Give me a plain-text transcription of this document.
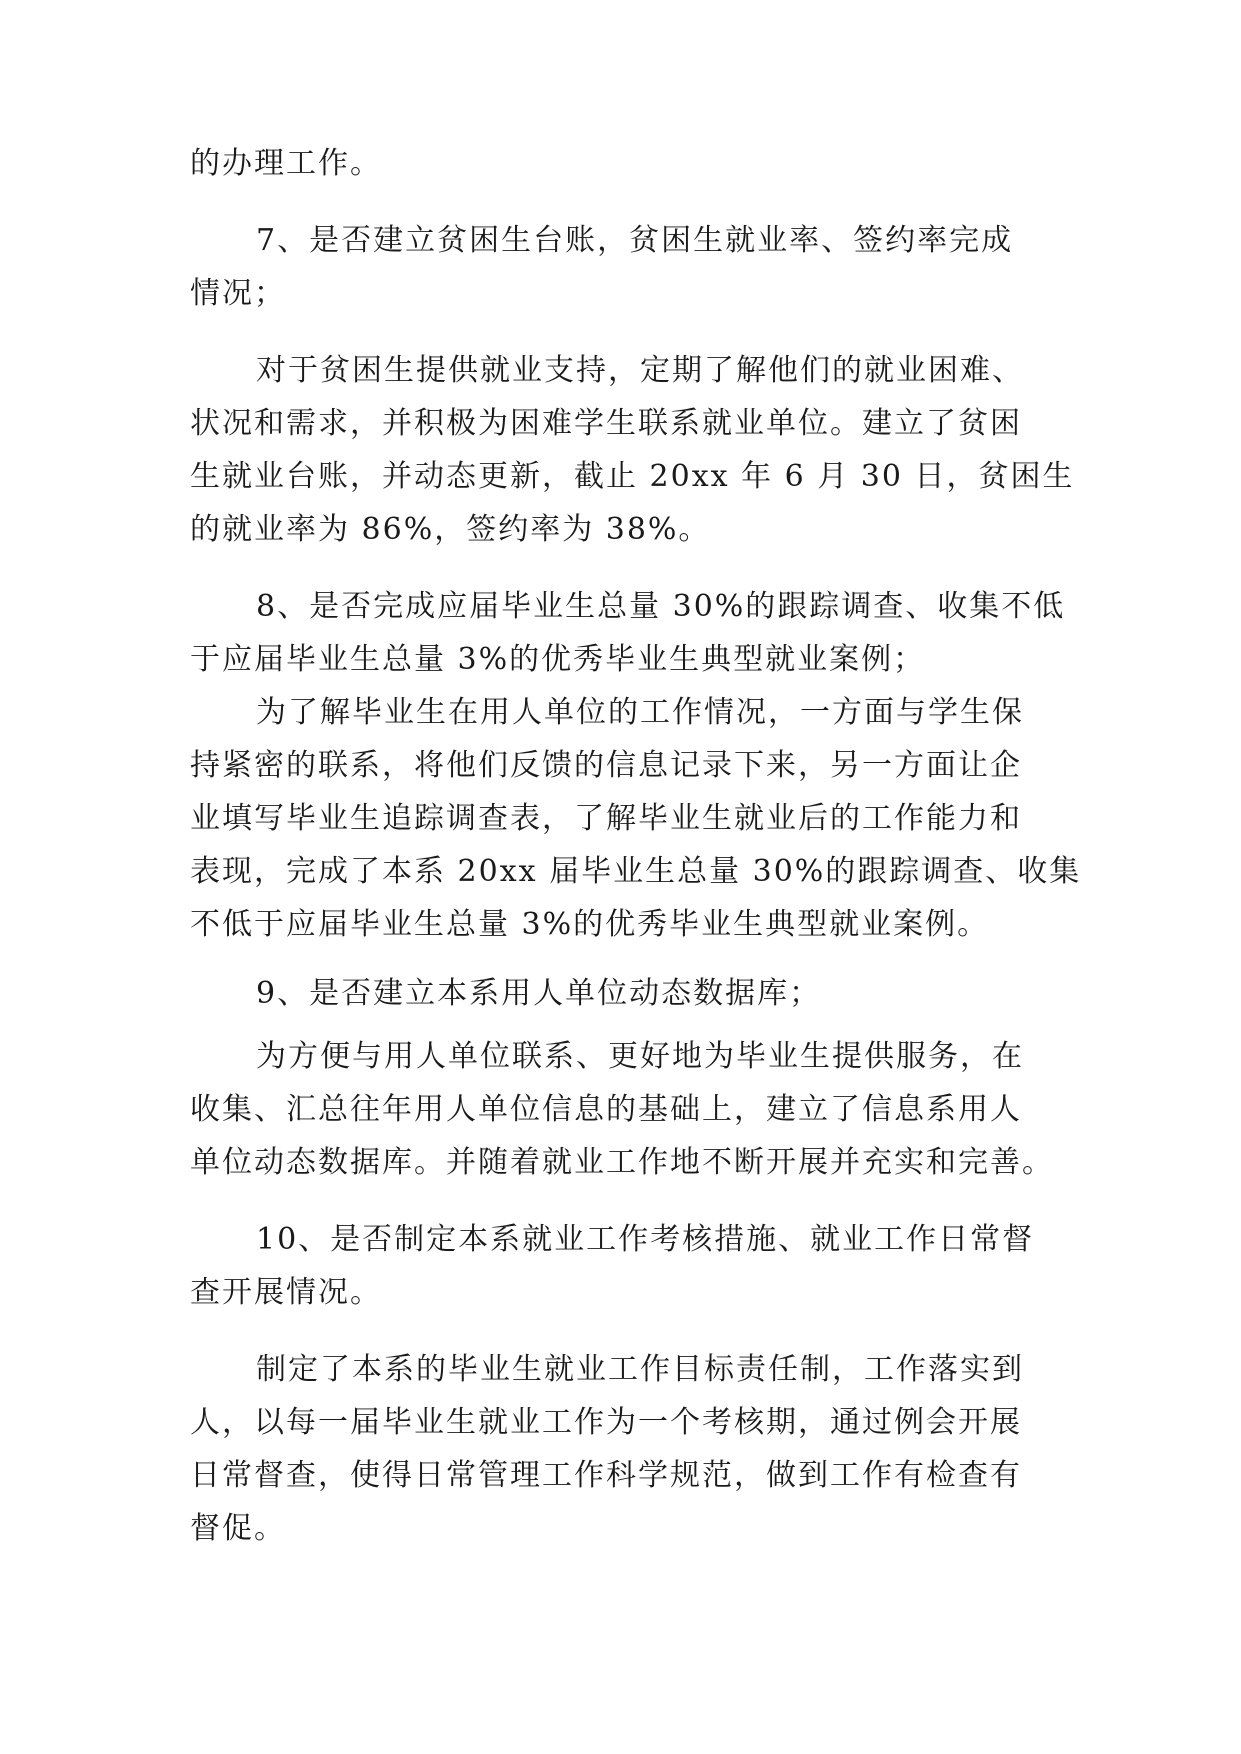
的办理工作。
7、是否建立贫困生台账，贫困生就业率、签约率完成
情况；
对于贫困生提供就业支持，定期了解他们的就业困难、
状况和需求，并积极为困难学生联系就业单位。建立了贫困
生就业台账，并动态更新，截止 20xx 年 6 月 30 日，贫困生
的就业率为 86%，签约率为 38%。
8、是否完成应届毕业生总量 30%的跟踪调查、收集不低
于应届毕业生总量 3%的优秀毕业生典型就业案例；
为了解毕业生在用人单位的工作情况，一方面与学生保
持紧密的联系，将他们反馈的信息记录下来，另一方面让企
业填写毕业生追踪调查表，了解毕业生就业后的工作能力和
表现，完成了本系 20xx 届毕业生总量 30%的跟踪调查、收集
不低于应届毕业生总量 3%的优秀毕业生典型就业案例。
9、是否建立本系用人单位动态数据库；
为方便与用人单位联系、更好地为毕业生提供服务，在
收集、汇总往年用人单位信息的基础上，建立了信息系用人
单位动态数据库。并随着就业工作地不断开展并充实和完善。
10、是否制定本系就业工作考核措施、就业工作日常督
查开展情况。
制定了本系的毕业生就业工作目标责任制，工作落实到
人，以每一届毕业生就业工作为一个考核期，通过例会开展
日常督查，使得日常管理工作科学规范，做到工作有检查有
督促。
